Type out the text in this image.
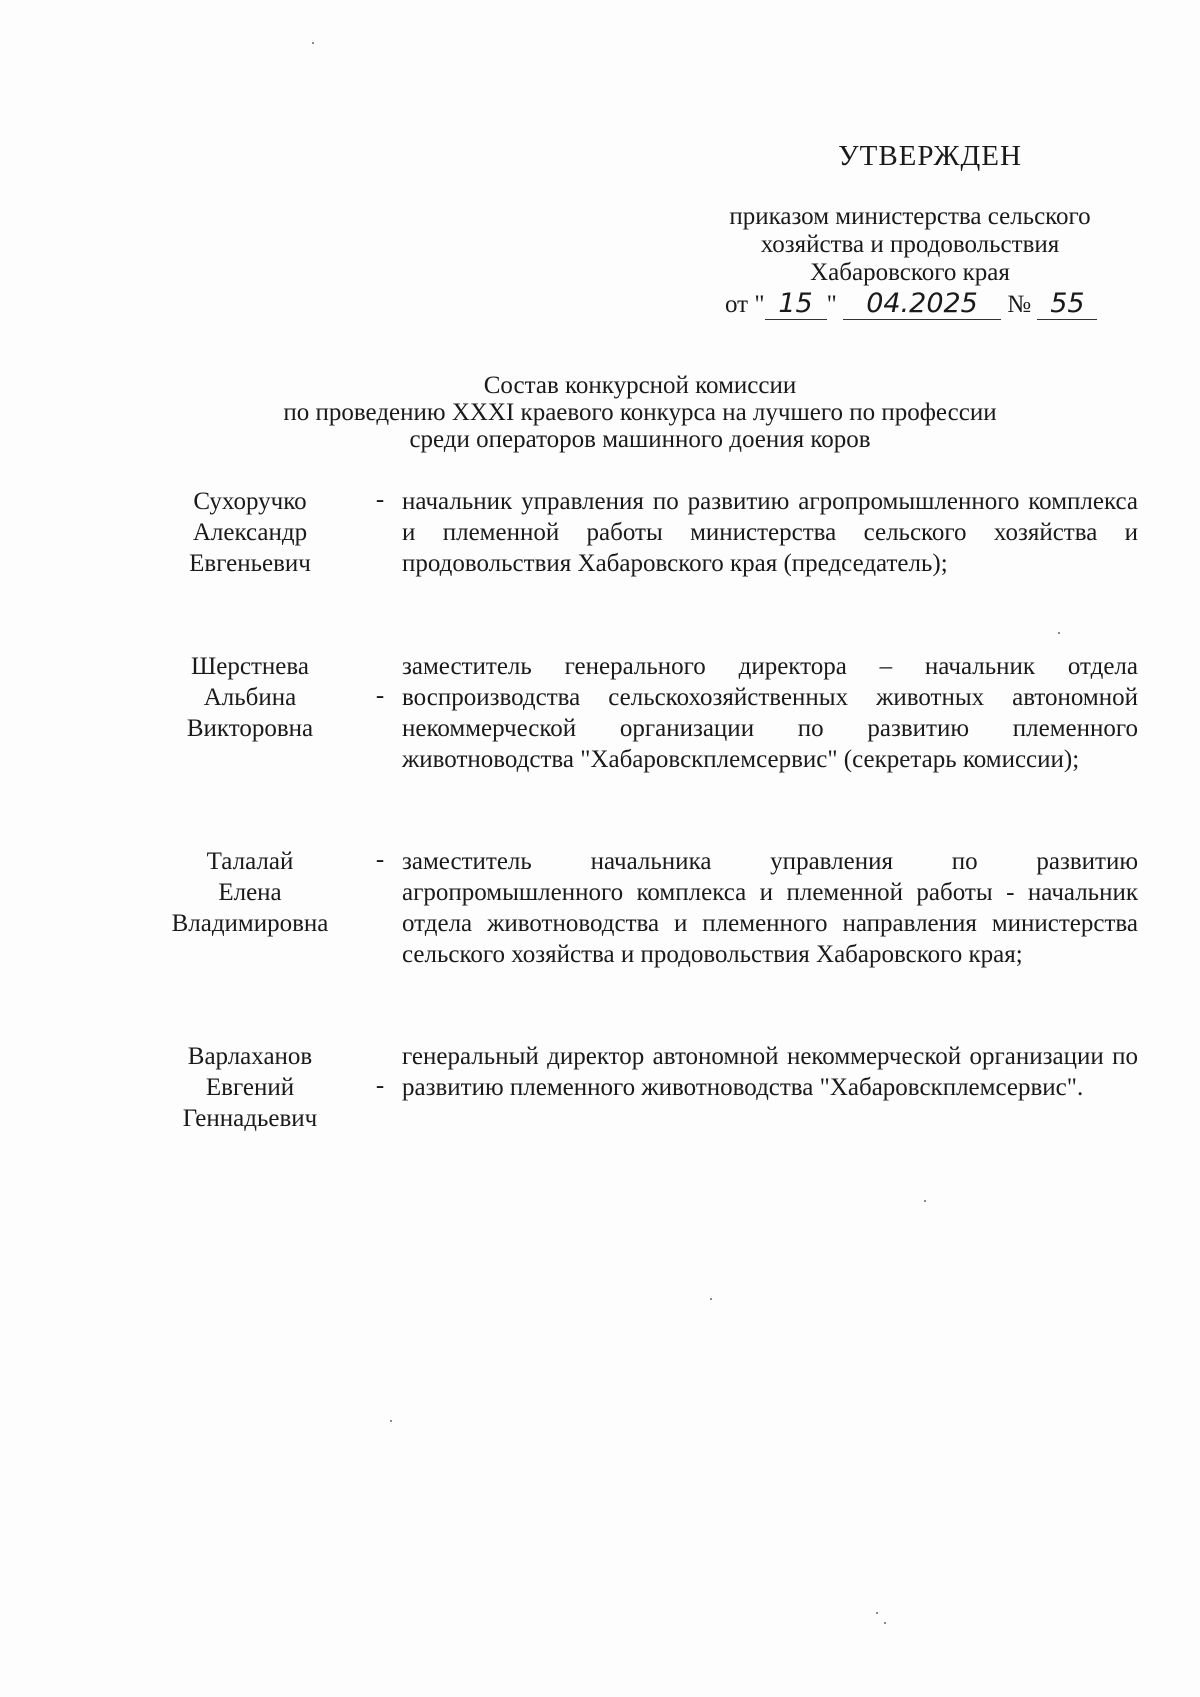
УТВЕРЖДЕН
приказом министерства сельского
хозяйства и продовольствия
Хабаровского края
от " 15 " 04.2025 № 55
Состав конкурсной комиссии
по проведению XXXI краевого конкурса на лучшего по профессии
среди операторов машинного доения коров
Сухоручко
Александр
Евгеньевич
- начальник управления по развитию агропромышленного комплекса и племенной работы министерства сельского хозяйства и продовольствия Хабаровского края (председатель);
Шерстнева
Альбина
Викторовна
-
заместитель генерального директора – начальник отдела воспроизводства сельскохозяйственных животных автономной некоммерческой организации по развитию племенного животноводства "Хабаровскплемсервис" (секретарь комиссии);
Талалай
Елена
Владимировна
- заместитель начальника управления по развитию агропромышленного комплекса и племенной работы - начальник отдела животноводства и племенного направления министерства сельского хозяйства и продовольствия Хабаровского края;
Варлаханов
Евгений
Геннадьевич
-
генеральный директор автономной некоммерческой организации по развитию племенного животноводства "Хабаровскплемсервис".
